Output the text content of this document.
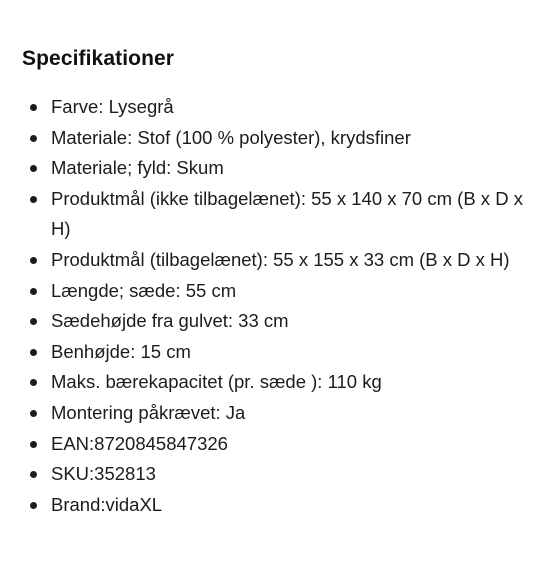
Specifikationer
Farve: Lysegrå
Materiale: Stof (100 % polyester), krydsfiner
Materiale; fyld: Skum
Produktmål (ikke tilbagelænet): 55 x 140 x 70 cm (B x D x H)
Produktmål (tilbagelænet): 55 x 155 x 33 cm (B x D x H)
Længde; sæde: 55 cm
Sædehøjde fra gulvet: 33 cm
Benhøjde: 15 cm
Maks. bærekapacitet (pr. sæde ): 110 kg
Montering påkrævet: Ja
EAN:8720845847326
SKU:352813
Brand:vidaXL
